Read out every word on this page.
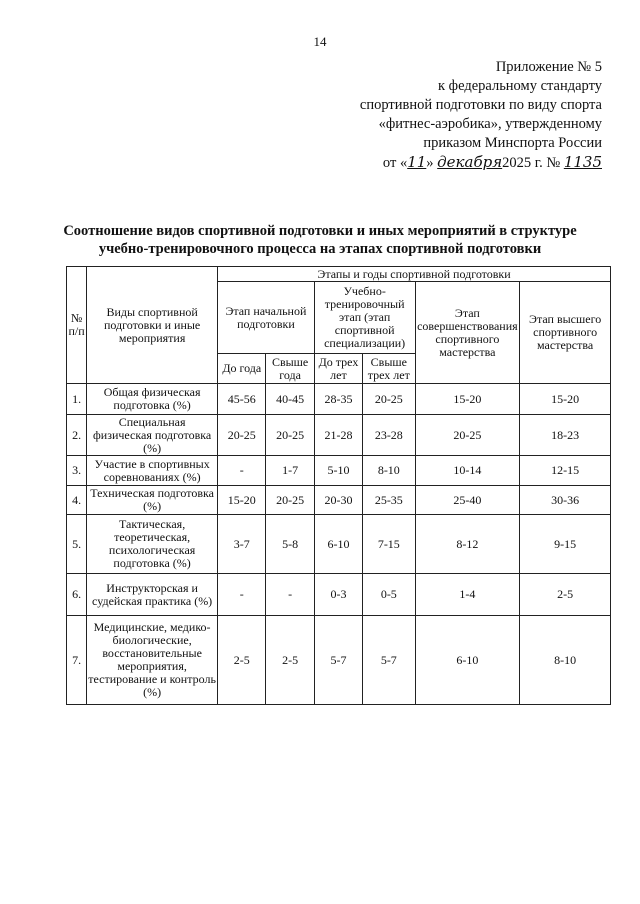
14
Приложение № 5
к федеральному стандарту
спортивной подготовки по виду спорта
«фитнес-аэробика», утвержденному
приказом Минспорта России
от «11» декабря2025 г. № 1135
Соотношение видов спортивной подготовки и иных мероприятий в структуре
учебно-тренировочного процесса на этапах спортивной подготовки
№ п/п	Виды спортивной подготовки и иные мероприятия	Этапы и годы спортивной подготовки					
		Этап начальной подготовки		Учебно-тренировочный этап (этап спортивной специализации)		Этап совершенствования спортивного мастерства	Этап высшего спортивного мастерства
		До года	Свыше года	До трех лет	Свыше трех лет		
1.	Общая физическая подготовка (%)	45-56	40-45	28-35	20-25	15-20	15-20
2.	Специальная физическая подготовка (%)	20-25	20-25	21-28	23-28	20-25	18-23
3.	Участие в спортивных соревнованиях (%)	-	1-7	5-10	8-10	10-14	12-15
4.	Техническая подготовка (%)	15-20	20-25	20-30	25-35	25-40	30-36
5.	Тактическая, теоретическая, психологическая подготовка (%)	3-7	5-8	6-10	7-15	8-12	9-15
6.	Инструкторская и судейская практика (%)	-	-	0-3	0-5	1-4	2-5
7.	Медицинские, медико-биологические, восстановительные мероприятия, тестирование и контроль (%)	2-5	2-5	5-7	5-7	6-10	8-10
